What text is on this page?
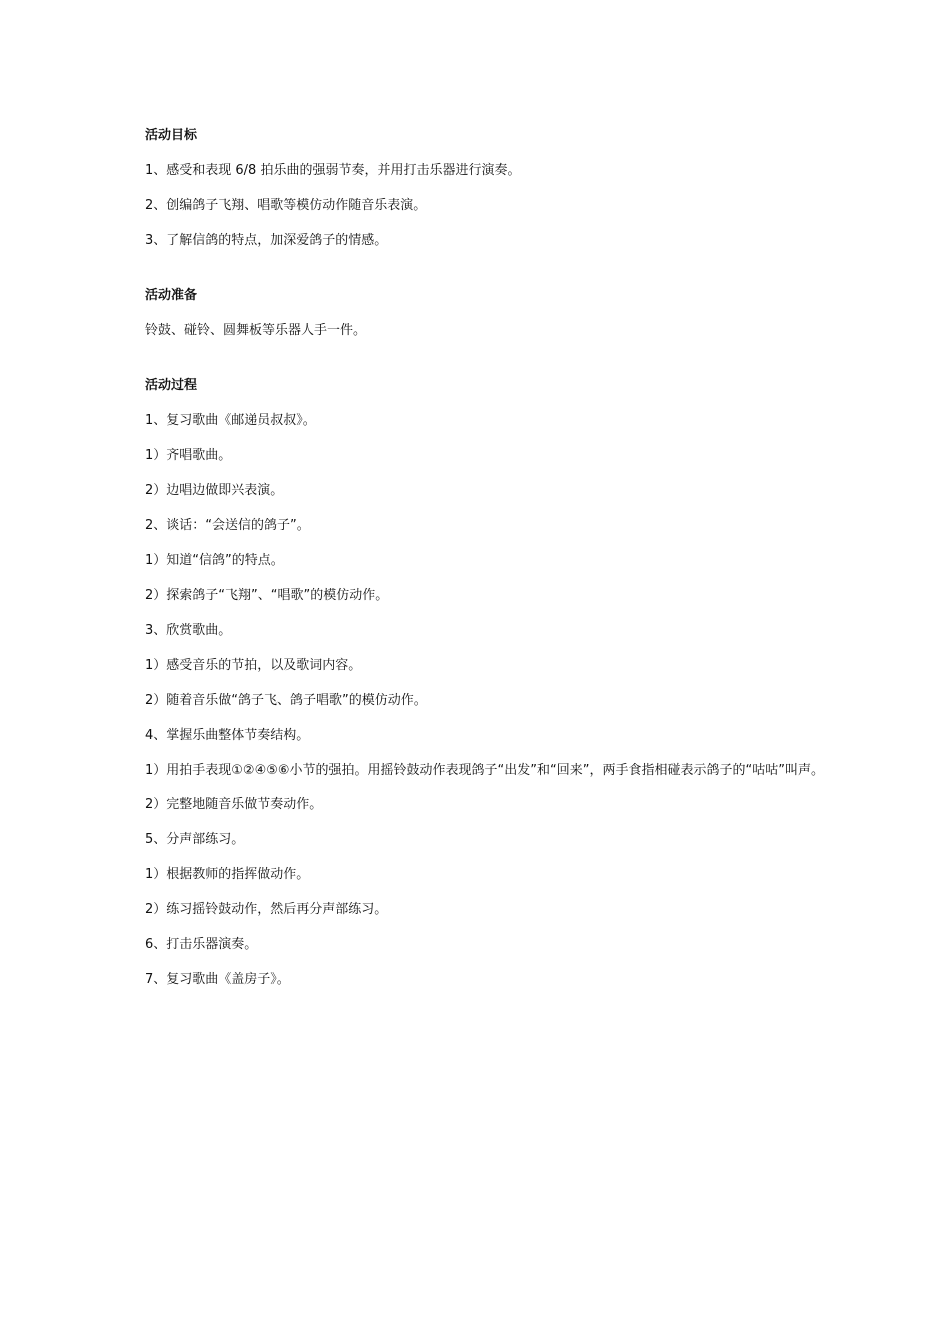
活动目标
1、感受和表现 6/8 拍乐曲的强弱节奏，并用打击乐器进行演奏。
2、创编鸽子飞翔、唱歌等模仿动作随音乐表演。
3、了解信鸽的特点，加深爱鸽子的情感。
活动准备
铃鼓、碰铃、圆舞板等乐器人手一件。
活动过程
1、复习歌曲《邮递员叔叔》。
1）齐唱歌曲。
2）边唱边做即兴表演。
2、谈话：“会送信的鸽子”。
1）知道“信鸽”的特点。
2）探索鸽子“飞翔”、“唱歌”的模仿动作。
3、欣赏歌曲。
1）感受音乐的节拍，以及歌词内容。
2）随着音乐做“鸽子飞、鸽子唱歌”的模仿动作。
4、掌握乐曲整体节奏结构。
1）用拍手表现①②④⑤⑥小节的强拍。用摇铃鼓动作表现鸽子“出发”和“回来”，两手食指相碰表示鸽子的“咕咕”叫声。
2）完整地随音乐做节奏动作。
5、分声部练习。
1）根据教师的指挥做动作。
2）练习摇铃鼓动作，然后再分声部练习。
6、打击乐器演奏。
7、复习歌曲《盖房子》。
